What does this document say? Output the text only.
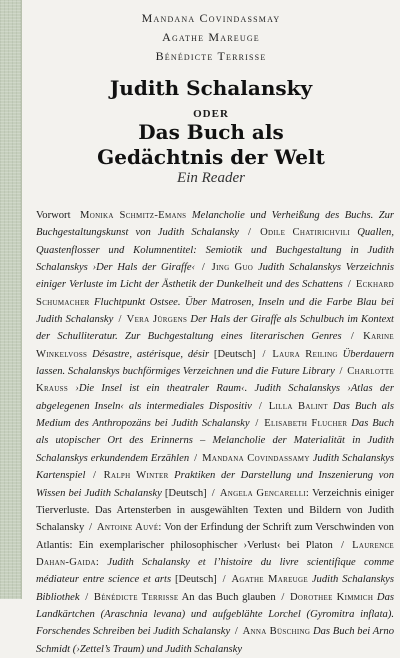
Mandana Covindassmay
Agathe Mareuge
Bénédicte Terrisse
Judith Schalansky
ODER
Das Buch als
Gedächtnis der Welt
Ein Reader
Vorwort Monika Schmitz-Emans Melancholie und Verheißung des Buchs. Zur Buchgestaltungskunst von Judith Schalansky / Odile Chatirichvili Quallen, Quastenflosser und Kolumnentitel: Semiotik und Buchgestaltung in Judith Schalanskys ›Der Hals der Giraffe‹ / Jing Guo Judith Schalanskys Verzeichnis einiger Verluste im Licht der Ästhetik der Dunkelheit und des Schattens / Eckhard Schumacher Fluchtpunkt Ostsee. Über Matrosen, Inseln und die Farbe Blau bei Judith Schalansky / Vera Jürgens Der Hals der Giraffe als Schulbuch im Kontext der Schulliteratur. Zur Buchgestaltung eines literarischen Genres / Karine Winkelvoss Désastre, astérisque, désir [Deutsch] / Laura Reiling Überdauern lassen. Schalanskys buchförmiges Verzeichnen und die Future Library / Charlotte Krauss ›Die Insel ist ein theatraler Raum‹. Judith Schalanskys ›Atlas der abgelegenen Inseln‹ als intermediales Dispositiv / Lilla Balint Das Buch als Medium des Anthropozäns bei Judith Schalansky / Elisabeth Flucher Das Buch als utopischer Ort des Erinnerns – Melancholie der Materialität in Judith Schalanskys erkundendem Erzählen / Mandana Covindassamy Judith Schalanskys Kartenspiel / Ralph Winter Praktiken der Darstellung und Inszenierung von Wissen bei Judith Schalansky [Deutsch] / Angela Gencarelli: Verzeichnis einiger Tierverluste. Das Artensterben in ausgewählten Texten und Bildern von Judith Schalansky / Antoine Auvé: Von der Erfindung der Schrift zum Verschwinden von Atlantis: Ein exemplarischer philosophischer ›Verlust‹ bei Platon / Laurence Dahan-Gaida: Judith Schalansky et l’histoire du livre scientifique comme médiateur entre science et arts [Deutsch] / Agathe Mareuge Judith Schalanskys Bibliothek / Bénédicte Terrisse An das Buch glauben / Dorothee Kimmich Das Landkärtchen (Araschnia levana) und aufgeblähte Lorchel (Gyromitra inflata). Forschendes Schreiben bei Judith Schalansky / Anna Büsching Das Buch bei Arno Schmidt (›Zettel’s Traum) und Judith Schalansky
